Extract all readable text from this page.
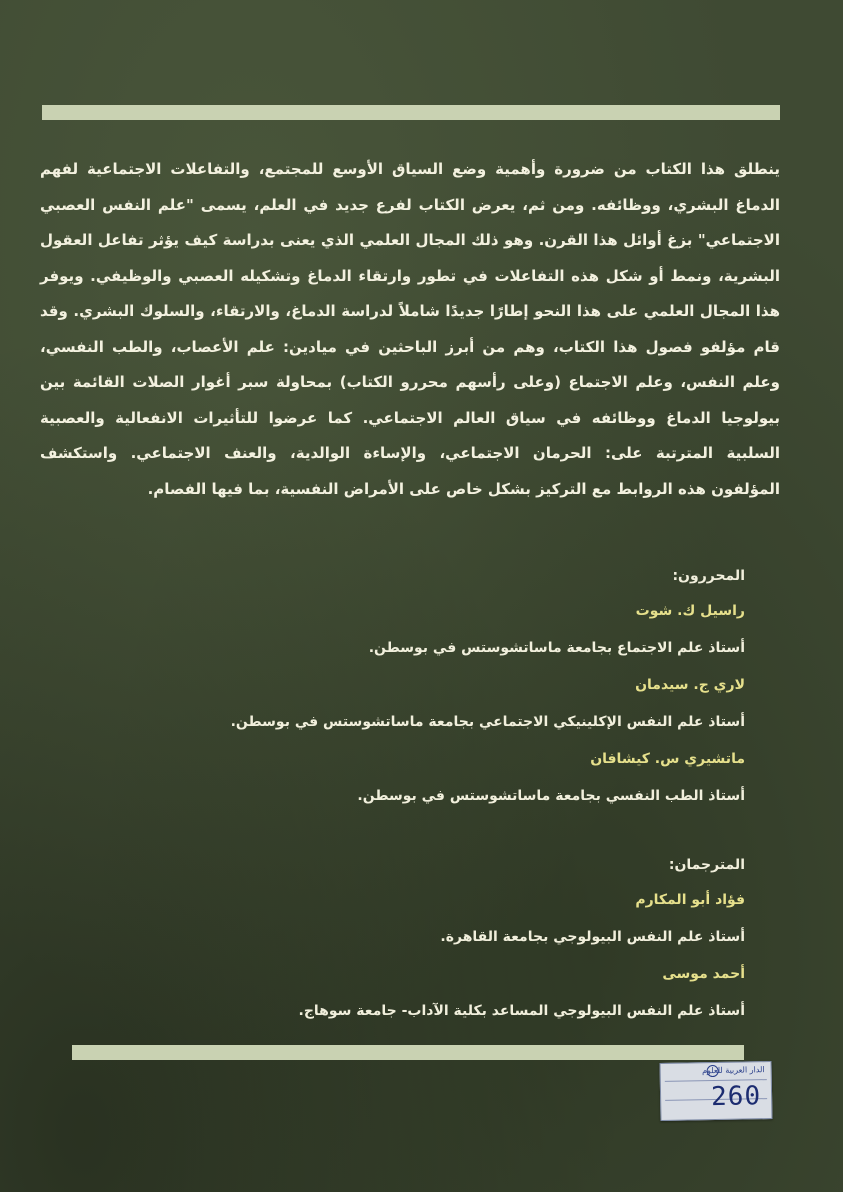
ينطلق هذا الكتاب من ضرورة وأهمية وضع السياق الأوسع للمجتمع، والتفاعلات الاجتماعية لفهم الدماغ البشري، ووظائفه. ومن ثم، يعرض الكتاب لفرع جديد في العلم، يسمى "علم النفس العصبي الاجتماعي" بزغ أوائل هذا القرن. وهو ذلك المجال العلمي الذي يعنى بدراسة كيف يؤثر تفاعل العقول البشرية، ونمط أو شكل هذه التفاعلات في تطور وارتقاء الدماغ وتشكيله العصبي والوظيفي. ويوفر هذا المجال العلمي على هذا النحو إطارًا جديدًا شاملاً لدراسة الدماغ، والارتقاء، والسلوك البشري. وقد قام مؤلفو فصول هذا الكتاب، وهم من أبرز الباحثين في ميادين: علم الأعصاب، والطب النفسي، وعلم النفس، وعلم الاجتماع (وعلى رأسهم محررو الكتاب) بمحاولة سبر أغوار الصلات القائمة بين بيولوجيا الدماغ ووظائفه في سياق العالم الاجتماعي. كما عرضوا للتأثيرات الانفعالية والعصبية السلبية المترتبة على: الحرمان الاجتماعي، والإساءة الوالدية، والعنف الاجتماعي. واستكشف المؤلفون هذه الروابط مع التركيز بشكل خاص على الأمراض النفسية، بما فيها الفصام.

المحررون:

راسيل ك. شوت

أستاذ علم الاجتماع بجامعة ماساتشوستس في بوسطن.

لاري ج. سيدمان

أستاذ علم النفس الإكلينيكي الاجتماعي بجامعة ماساتشوستس في بوسطن.

ماتشيري س. كيشافان

أستاذ الطب النفسي بجامعة ماساتشوستس في بوسطن.

المترجمان:

فؤاد أبو المكارم

أستاذ علم النفس البيولوجي بجامعة القاهرة.

أحمد موسى

أستاذ علم النفس البيولوجي المساعد بكلية الآداب- جامعة سوهاج.

الدار العربية للعلوم
260
